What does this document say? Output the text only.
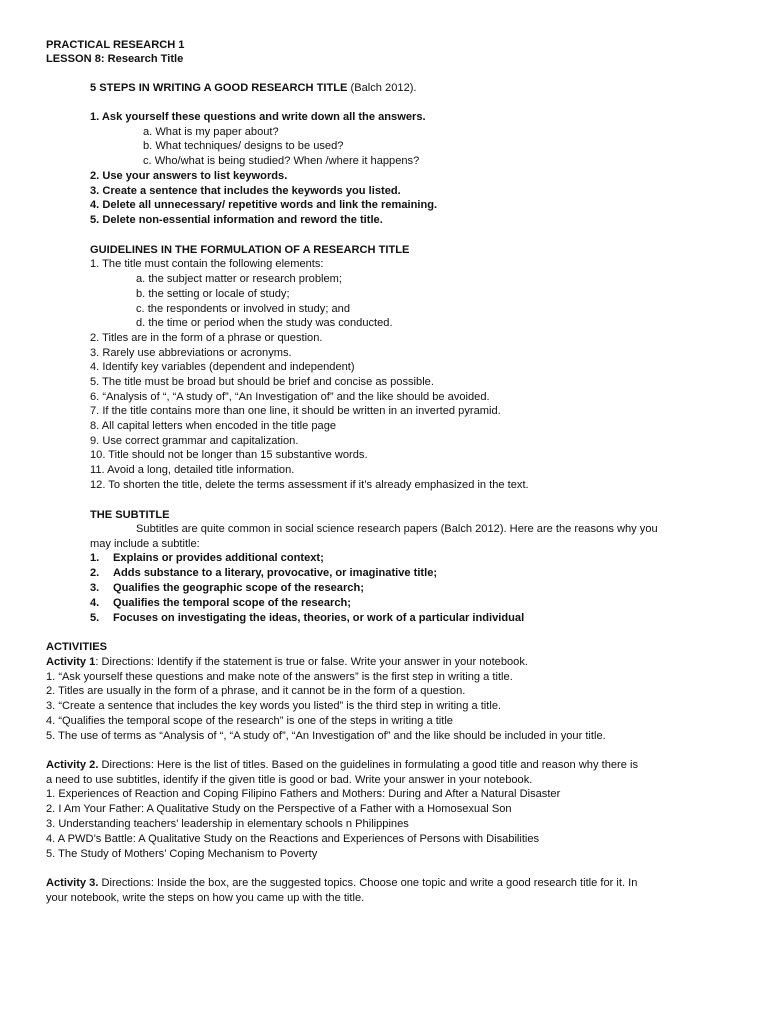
PRACTICAL RESEARCH 1
LESSON 8: Research Title
5 STEPS IN WRITING A GOOD RESEARCH TITLE (Balch 2012).
1. Ask yourself these questions and write down all the answers.
a. What is my paper about?
b. What techniques/ designs to be used?
c. Who/what is being studied? When /where it happens?
2. Use your answers to list keywords.
3. Create a sentence that includes the keywords you listed.
4. Delete all unnecessary/ repetitive words and link the remaining.
5. Delete non-essential information and reword the title.
GUIDELINES IN THE FORMULATION OF A RESEARCH TITLE
1. The title must contain the following elements:
a. the subject matter or research problem;
b. the setting or locale of study;
c. the respondents or involved in study; and
d. the time or period when the study was conducted.
2. Titles are in the form of a phrase or question.
3. Rarely use abbreviations or acronyms.
4. Identify key variables (dependent and independent)
5. The title must be broad but should be brief and concise as possible.
6. “Analysis of “, “A study of”, “An Investigation of” and the like should be avoided.
7. If the title contains more than one line, it should be written in an inverted pyramid.
8. All capital letters when encoded in the title page
9. Use correct grammar and capitalization.
10. Title should not be longer than 15 substantive words.
11. Avoid a long, detailed title information.
12. To shorten the title, delete the terms assessment if it’s already emphasized in the text.
THE SUBTITLE
Subtitles are quite common in social science research papers (Balch 2012). Here are the reasons why you
may include a subtitle:
1. Explains or provides additional context;
2. Adds substance to a literary, provocative, or imaginative title;
3. Qualifies the geographic scope of the research;
4. Qualifies the temporal scope of the research;
5. Focuses on investigating the ideas, theories, or work of a particular individual
ACTIVITIES
Activity 1: Directions: Identify if the statement is true or false. Write your answer in your notebook.
1. “Ask yourself these questions and make note of the answers” is the first step in writing a title.
2. Titles are usually in the form of a phrase, and it cannot be in the form of a question.
3. “Create a sentence that includes the key words you listed” is the third step in writing a title.
4. “Qualifies the temporal scope of the research” is one of the steps in writing a title
5. The use of terms as “Analysis of “, “A study of”, “An Investigation of” and the like should be included in your title.
Activity 2. Directions: Here is the list of titles. Based on the guidelines in formulating a good title and reason why there is
a need to use subtitles, identify if the given title is good or bad. Write your answer in your notebook.
1. Experiences of Reaction and Coping Filipino Fathers and Mothers: During and After a Natural Disaster
2. I Am Your Father: A Qualitative Study on the Perspective of a Father with a Homosexual Son
3. Understanding teachers’ leadership in elementary schools n Philippines
4. A PWD’s Battle: A Qualitative Study on the Reactions and Experiences of Persons with Disabilities
5. The Study of Mothers’ Coping Mechanism to Poverty
Activity 3. Directions: Inside the box, are the suggested topics. Choose one topic and write a good research title for it. In
your notebook, write the steps on how you came up with the title.
